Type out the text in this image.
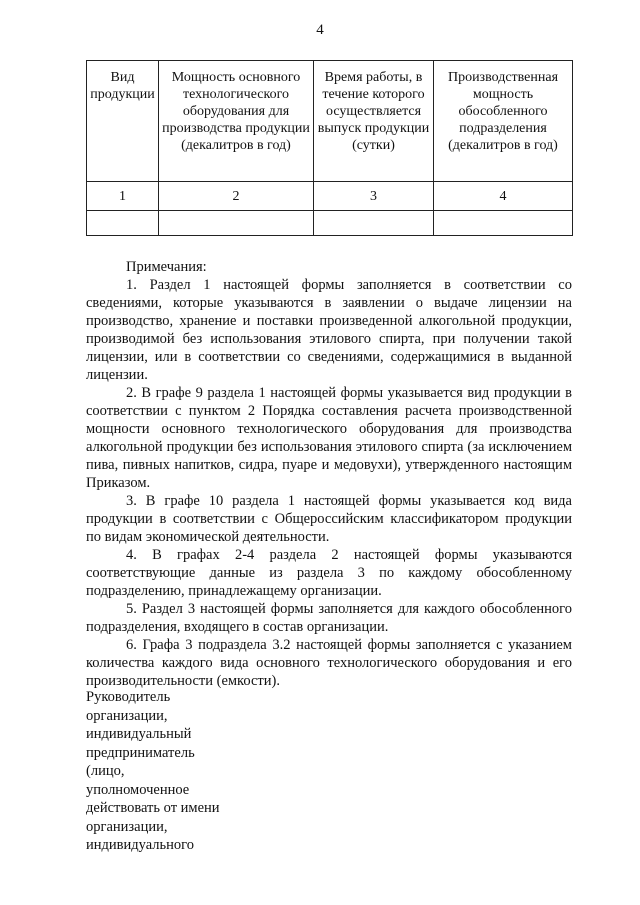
4
Вид продукции	Мощность основного технологического оборудования для производства продукции (декалитров в год)	Время работы, в течение которого осуществляется выпуск продукции (сутки)	Производственная мощность обособленного подразделения (декалитров в год)
1	2	3	4

Примечания:

1. Раздел 1 настоящей формы заполняется в соответствии со сведениями, которые указываются в заявлении о выдаче лицензии на производство, хранение и поставки произведенной алкогольной продукции, производимой без использования этилового спирта, при получении такой лицензии, или в соответствии со сведениями, содержащимися в выданной лицензии.

2. В графе 9 раздела 1 настоящей формы указывается вид продукции в соответствии с пунктом 2 Порядка составления расчета производственной мощности основного технологического оборудования для производства алкогольной продукции без использования этилового спирта (за исключением пива, пивных напитков, сидра, пуаре и медовухи), утвержденного настоящим Приказом.

3. В графе 10 раздела 1 настоящей формы указывается код вида продукции в соответствии с Общероссийским классификатором продукции по видам экономической деятельности.

4. В графах 2-4 раздела 2 настоящей формы указываются соответствующие данные из раздела 3 по каждому обособленному подразделению, принадлежащему организации.

5. Раздел 3 настоящей формы заполняется для каждого обособленного подразделения, входящего в состав организации.

6. Графа 3 подраздела 3.2 настоящей формы заполняется с указанием количества каждого вида основного технологического оборудования и его производительности (емкости).

Руководитель
организации,
индивидуальный
предприниматель
(лицо,
уполномоченное
действовать от имени
организации,
индивидуального
